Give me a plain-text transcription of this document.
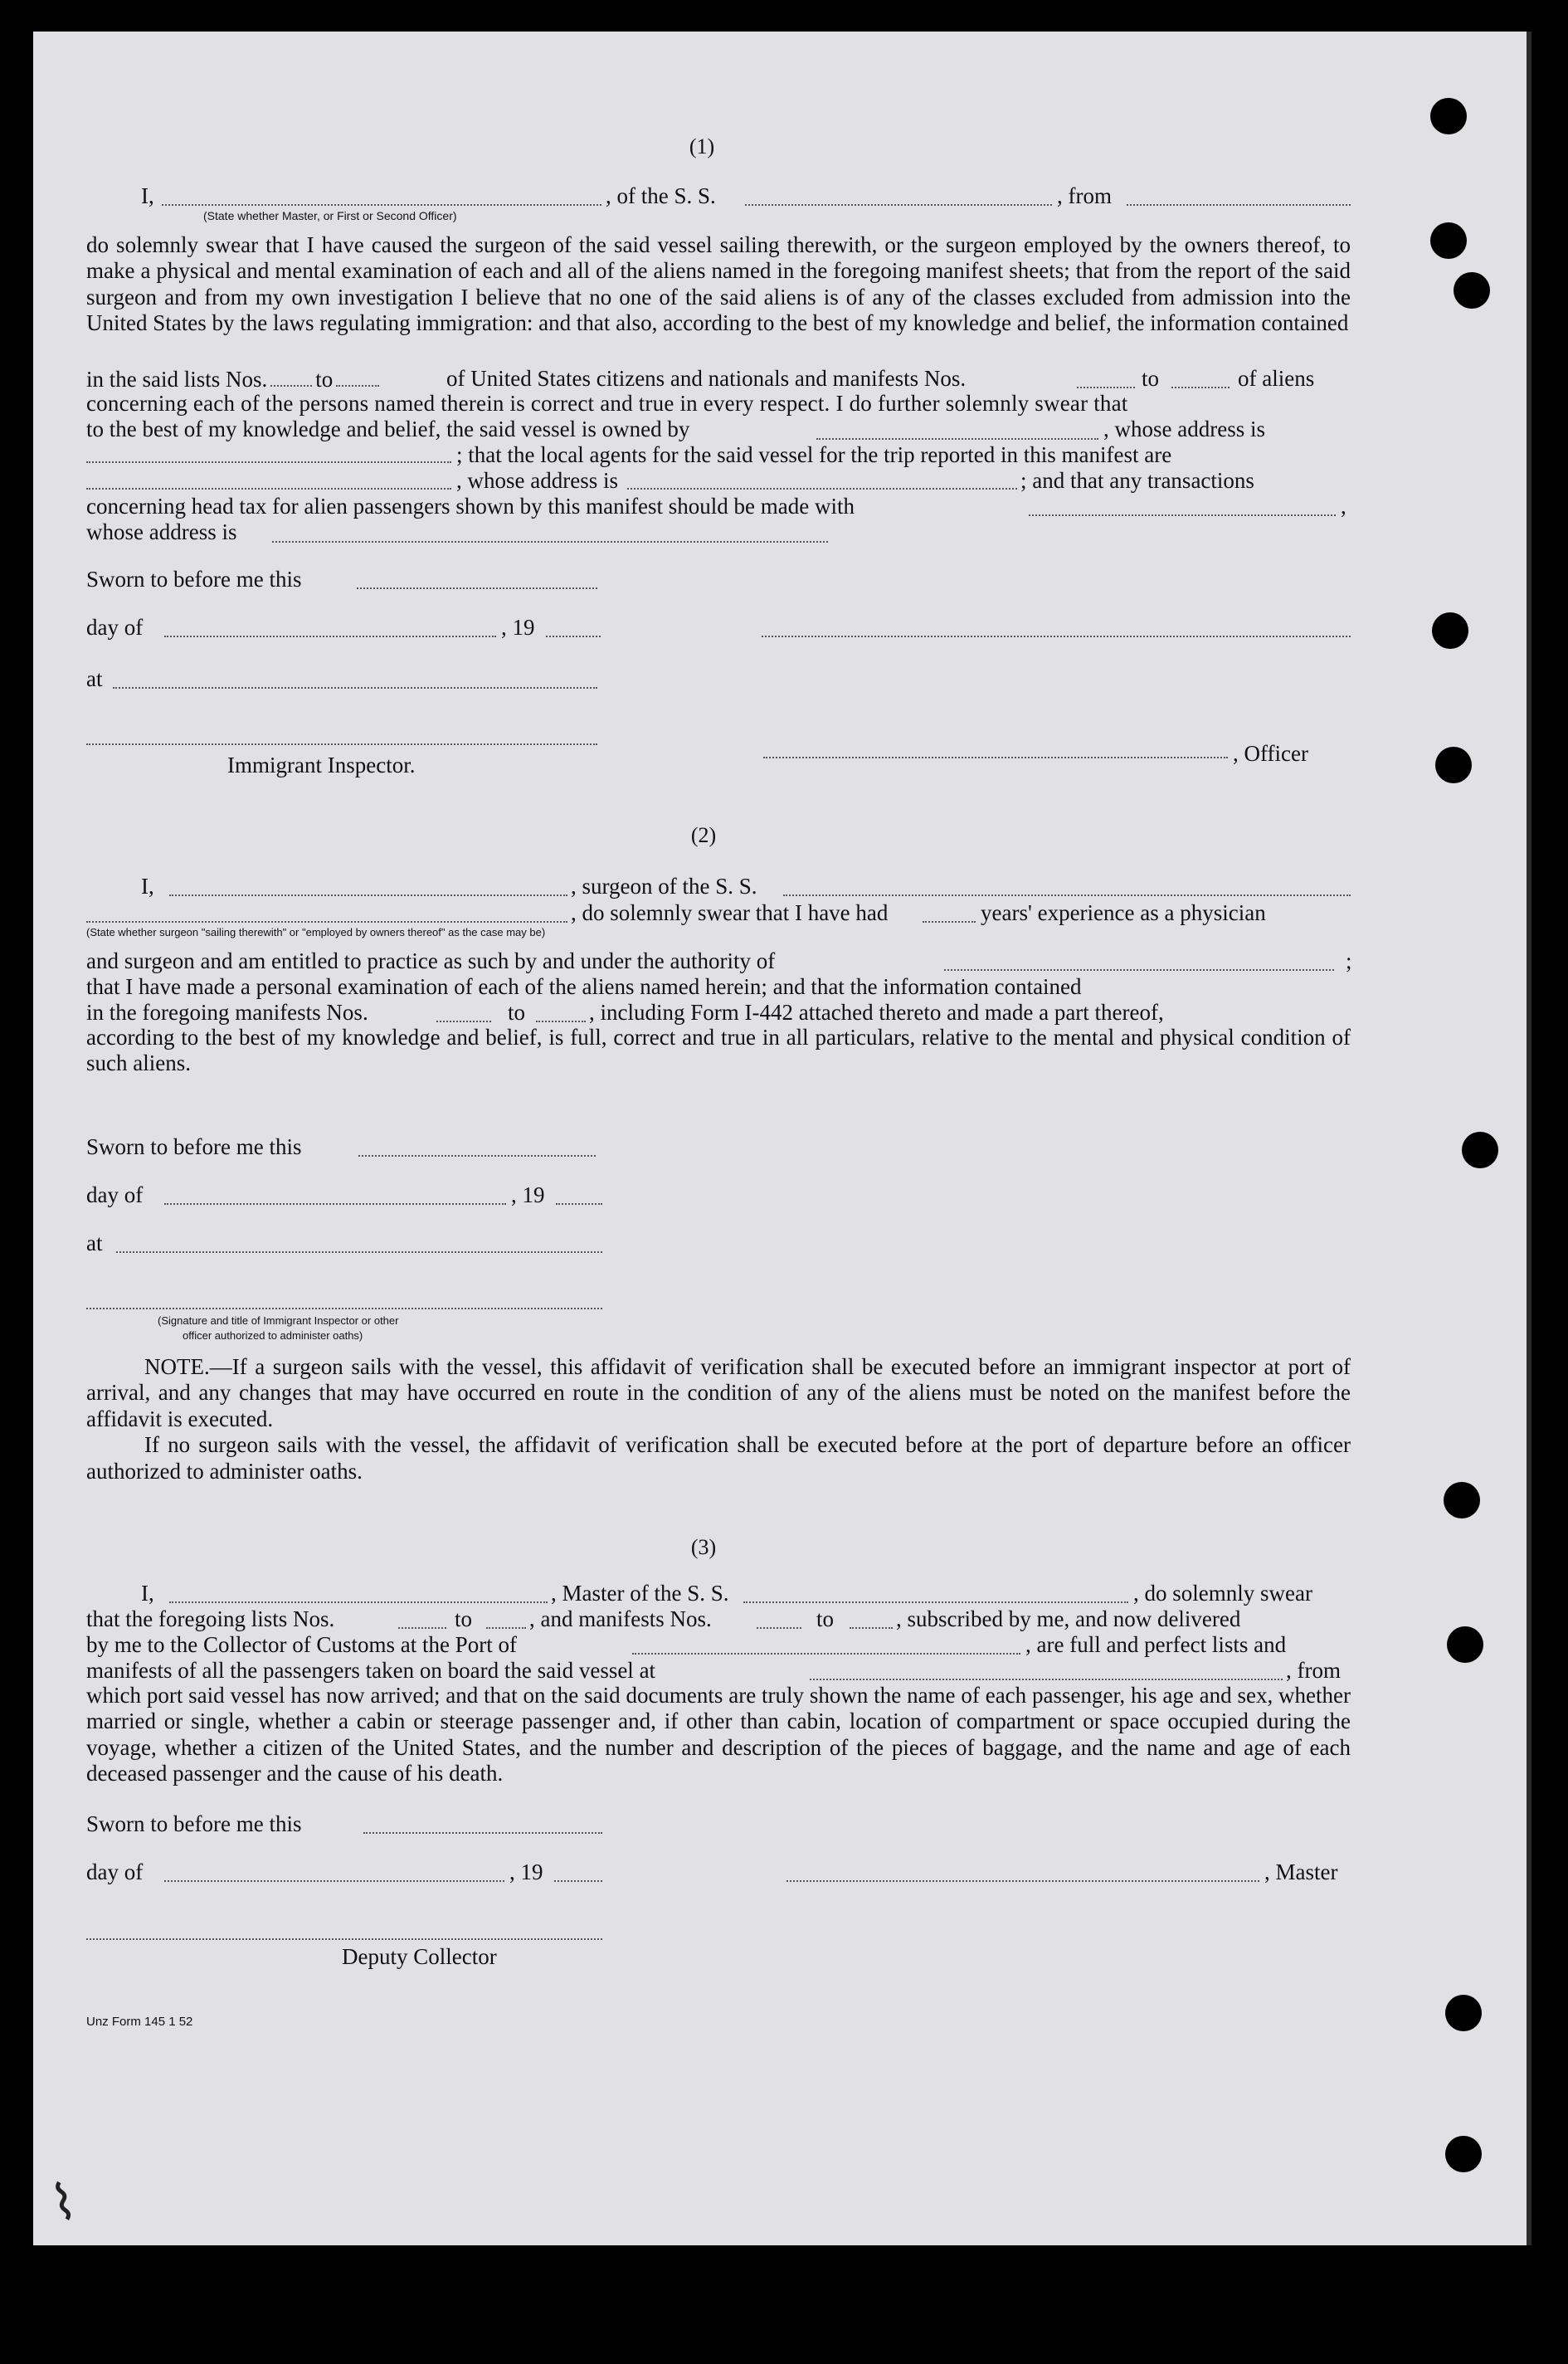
(1)
I,	, of the S. S.	, from
(State whether Master, or First or Second Officer)

do solemnly swear that I have caused the surgeon of the said vessel sailing therewith, or the surgeon employed by the owners thereof, to make a physical and mental examination of each and all of the aliens named in the foregoing manifest sheets; that from the report of the said surgeon and from my own investigation I believe that no one of the said aliens is of any of the classes excluded from admission into the United States by the laws regulating immigration: and that also, according to the best of my knowledge and belief, the information contained

in the said lists Nos. to	of United States citizens and nationals and manifests Nos.	to	of aliens
concerning each of the persons named therein is correct and true in every respect. I do further solemnly swear that
to the best of my knowledge and belief, the said vessel is owned by	, whose address is
; that the local agents for the said vessel for the trip reported in this manifest are
, whose address is	; and that any transactions
concerning head tax for alien passengers shown by this manifest should be made with	,
whose address is
Sworn to before me this
day of	, 19
at
Immigrant Inspector.	, Officer
(2)
I,	, surgeon of the S. S.
, do solemnly swear that I have had	years' experience as a physician
(State whether surgeon "sailing therewith" or "employed by owners thereof" as the case may be)
and surgeon and am entitled to practice as such by and under the authority of	;
that I have made a personal examination of each of the aliens named herein; and that the information contained
in the foregoing manifests Nos.	to	, including Form I-442 attached thereto and made a part thereof,

according to the best of my knowledge and belief, is full, correct and true in all particulars, relative to the mental and physical condition of such aliens.

Sworn to before me this
day of	, 19
at
(Signature and title of Immigrant Inspector or other
officer authorized to administer oaths)

NOTE.—If a surgeon sails with the vessel, this affidavit of verification shall be executed before an immigrant inspector at port of arrival, and any changes that may have occurred en route in the condition of any of the aliens must be noted on the manifest before the affidavit is executed.

If no surgeon sails with the vessel, the affidavit of verification shall be executed before at the port of departure before an officer authorized to administer oaths.

(3)
I,	, Master of the S. S.	, do solemnly swear
that the foregoing lists Nos.	to	, and manifests Nos.	to	, subscribed by me, and now delivered
by me to the Collector of Customs at the Port of	, are full and perfect lists and
manifests of all the passengers taken on board the said vessel at	, from

which port said vessel has now arrived; and that on the said documents are truly shown the name of each passenger, his age and sex, whether married or single, whether a cabin or steerage passenger and, if other than cabin, location of compartment or space occupied during the voyage, whether a citizen of the United States, and the number and description of the pieces of baggage, and the name and age of each deceased passenger and the cause of his death.

Sworn to before me this
day of	, 19	, Master
Deputy Collector
Unz Form 145 1 52
⌇
